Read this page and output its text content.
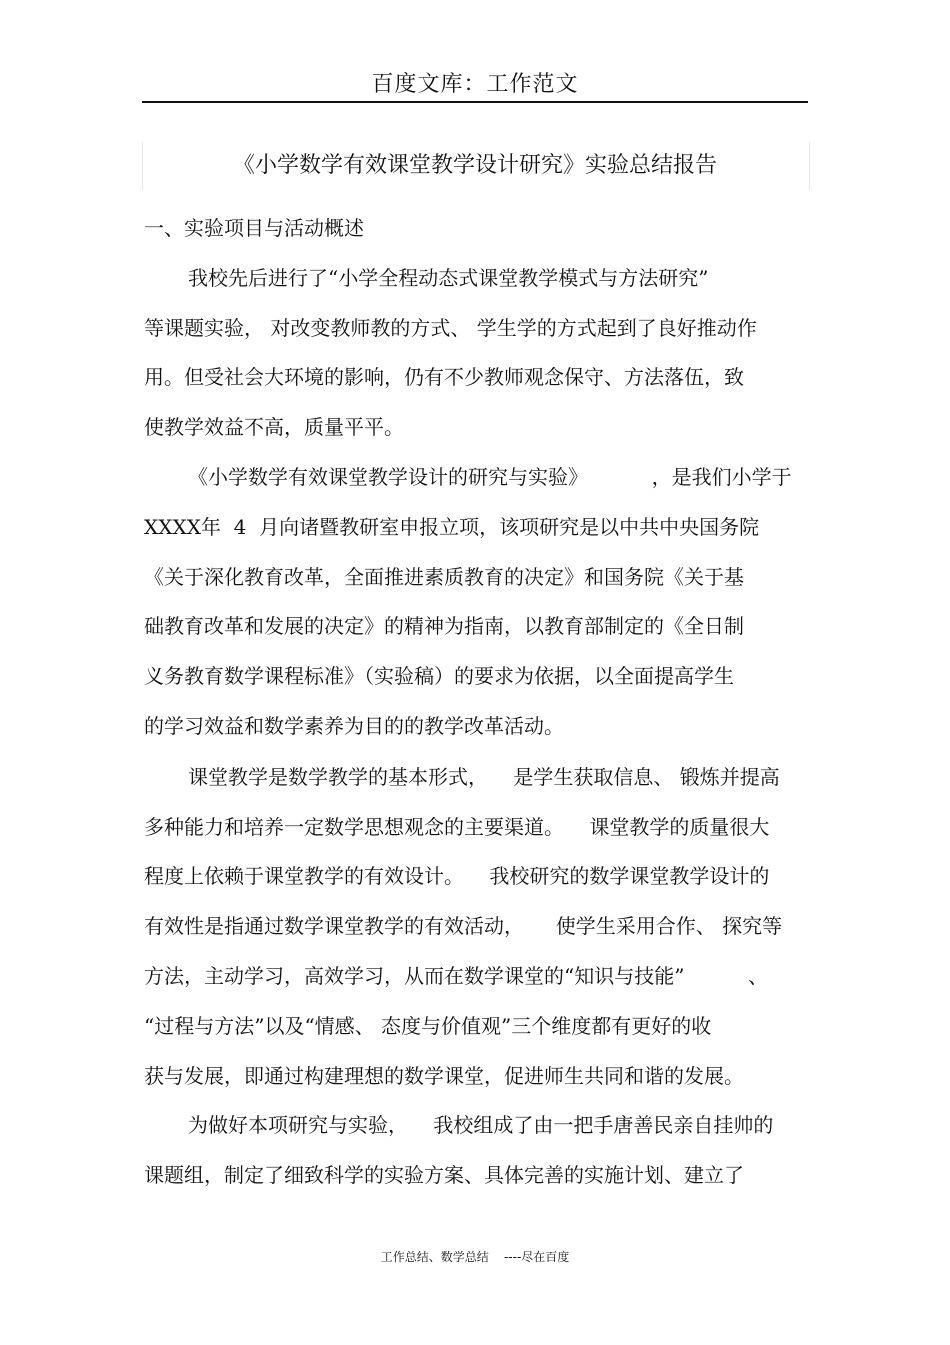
百度文库：工作范文
《小学数学有效课堂教学设计研究》实验总结报告
一、实验项目与活动概述
我校先后进行了“小学全程动态式课堂教学模式与方法研究”
等课题实验， 对改变教师教的方式、 学生学的方式起到了良好推动作
用。但受社会大环境的影响，仍有不少教师观念保守、方法落伍，致
使教学效益不高，质量平平。
《小学数学有效课堂教学设计的研究与实验》          ，是我们小学于
XXXX年  4  月向诸暨教研室申报立项，该项研究是以中共中央国务院
《关于深化教育改革，全面推进素质教育的决定》和国务院《关于基
础教育改革和发展的决定》的精神为指南，以教育部制定的《全日制
义务教育数学课程标准》（实验稿）的要求为依据，以全面提高学生
的学习效益和数学素养为目的的教学改革活动。
课堂教学是数学教学的基本形式，    是学生获取信息、 锻炼并提高
多种能力和培养一定数学思想观念的主要渠道。    课堂教学的质量很大
程度上依赖于课堂教学的有效设计。    我校研究的数学课堂教学设计的
有效性是指通过数学课堂教学的有效活动，     使学生采用合作、 探究等
方法，主动学习，高效学习，从而在数学课堂的“知识与技能”          、
“过程与方法”以及“情感、 态度与价值观”三个维度都有更好的收
获与发展，即通过构建理想的数学课堂，促进师生共同和谐的发展。
为做好本项研究与实验，    我校组成了由一把手唐善民亲自挂帅的
课题组，制定了细致科学的实验方案、具体完善的实施计划、建立了
工作总结、数学总结    ----尽在百度
